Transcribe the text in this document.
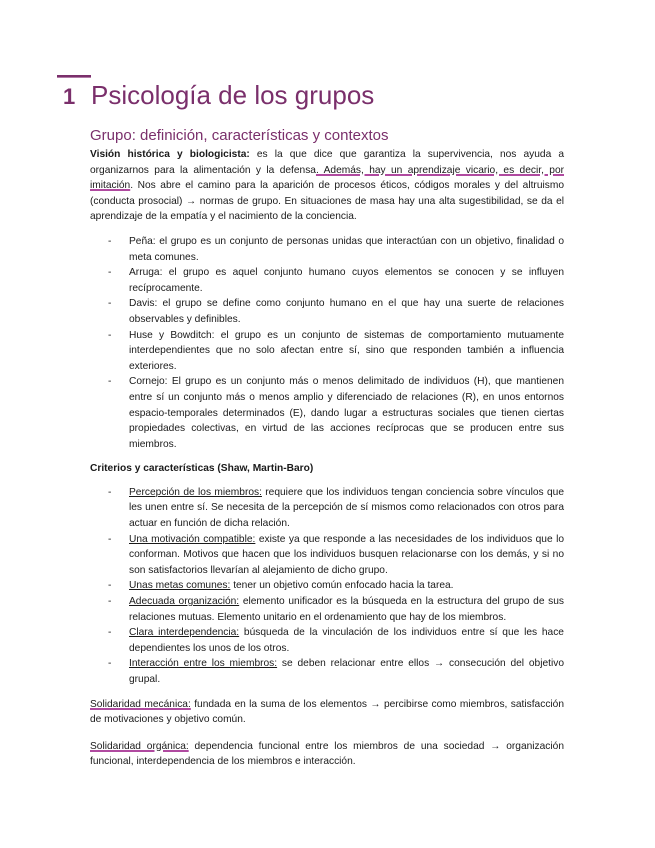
1 Psicología de los grupos
Grupo: definición, características y contextos

Visión histórica y biologicista: es la que dice que garantiza la supervivencia, nos ayuda a organizarnos para la alimentación y la defensa. Además, hay un aprendizaje vicario, es decir, por imitación. Nos abre el camino para la aparición de procesos éticos, códigos morales y del altruismo (conducta prosocial) → normas de grupo. En situaciones de masa hay una alta sugestibilidad, se da el aprendizaje de la empatía y el nacimiento de la conciencia.

- Peña: el grupo es un conjunto de personas unidas que interactúan con un objetivo, finalidad o meta comunes.
- Arruga: el grupo es aquel conjunto humano cuyos elementos se conocen y se influyen recíprocamente.
- Davis: el grupo se define como conjunto humano en el que hay una suerte de relaciones observables y definibles.
- Huse y Bowditch: el grupo es un conjunto de sistemas de comportamiento mutuamente interdependientes que no solo afectan entre sí, sino que responden también a influencia exteriores.
- Cornejo: El grupo es un conjunto más o menos delimitado de individuos (H), que mantienen entre sí un conjunto más o menos amplio y diferenciado de relaciones (R), en unos entornos espacio-temporales determinados (E), dando lugar a estructuras sociales que tienen ciertas propiedades colectivas, en virtud de las acciones recíprocas que se producen entre sus miembros.
Criterios y características (Shaw, Martin-Baro)
- Percepción de los miembros: requiere que los individuos tengan conciencia sobre vínculos que les unen entre sí. Se necesita de la percepción de sí mismos como relacionados con otros para actuar en función de dicha relación.
- Una motivación compatible: existe ya que responde a las necesidades de los individuos que lo conforman. Motivos que hacen que los individuos busquen relacionarse con los demás, y si no son satisfactorios llevarían al alejamiento de dicho grupo.
- Unas metas comunes: tener un objetivo común enfocado hacia la tarea.
- Adecuada organización: elemento unificador es la búsqueda en la estructura del grupo de sus relaciones mutuas. Elemento unitario en el ordenamiento que hay de los miembros.
- Clara interdependencia: búsqueda de la vinculación de los individuos entre sí que les hace dependientes los unos de los otros.
- Interacción entre los miembros: se deben relacionar entre ellos → consecución del objetivo grupal.

Solidaridad mecánica: fundada en la suma de los elementos → percibirse como miembros, satisfacción de motivaciones y objetivo común.

Solidaridad orgánica: dependencia funcional entre los miembros de una sociedad → organización funcional, interdependencia de los miembros e interacción.
